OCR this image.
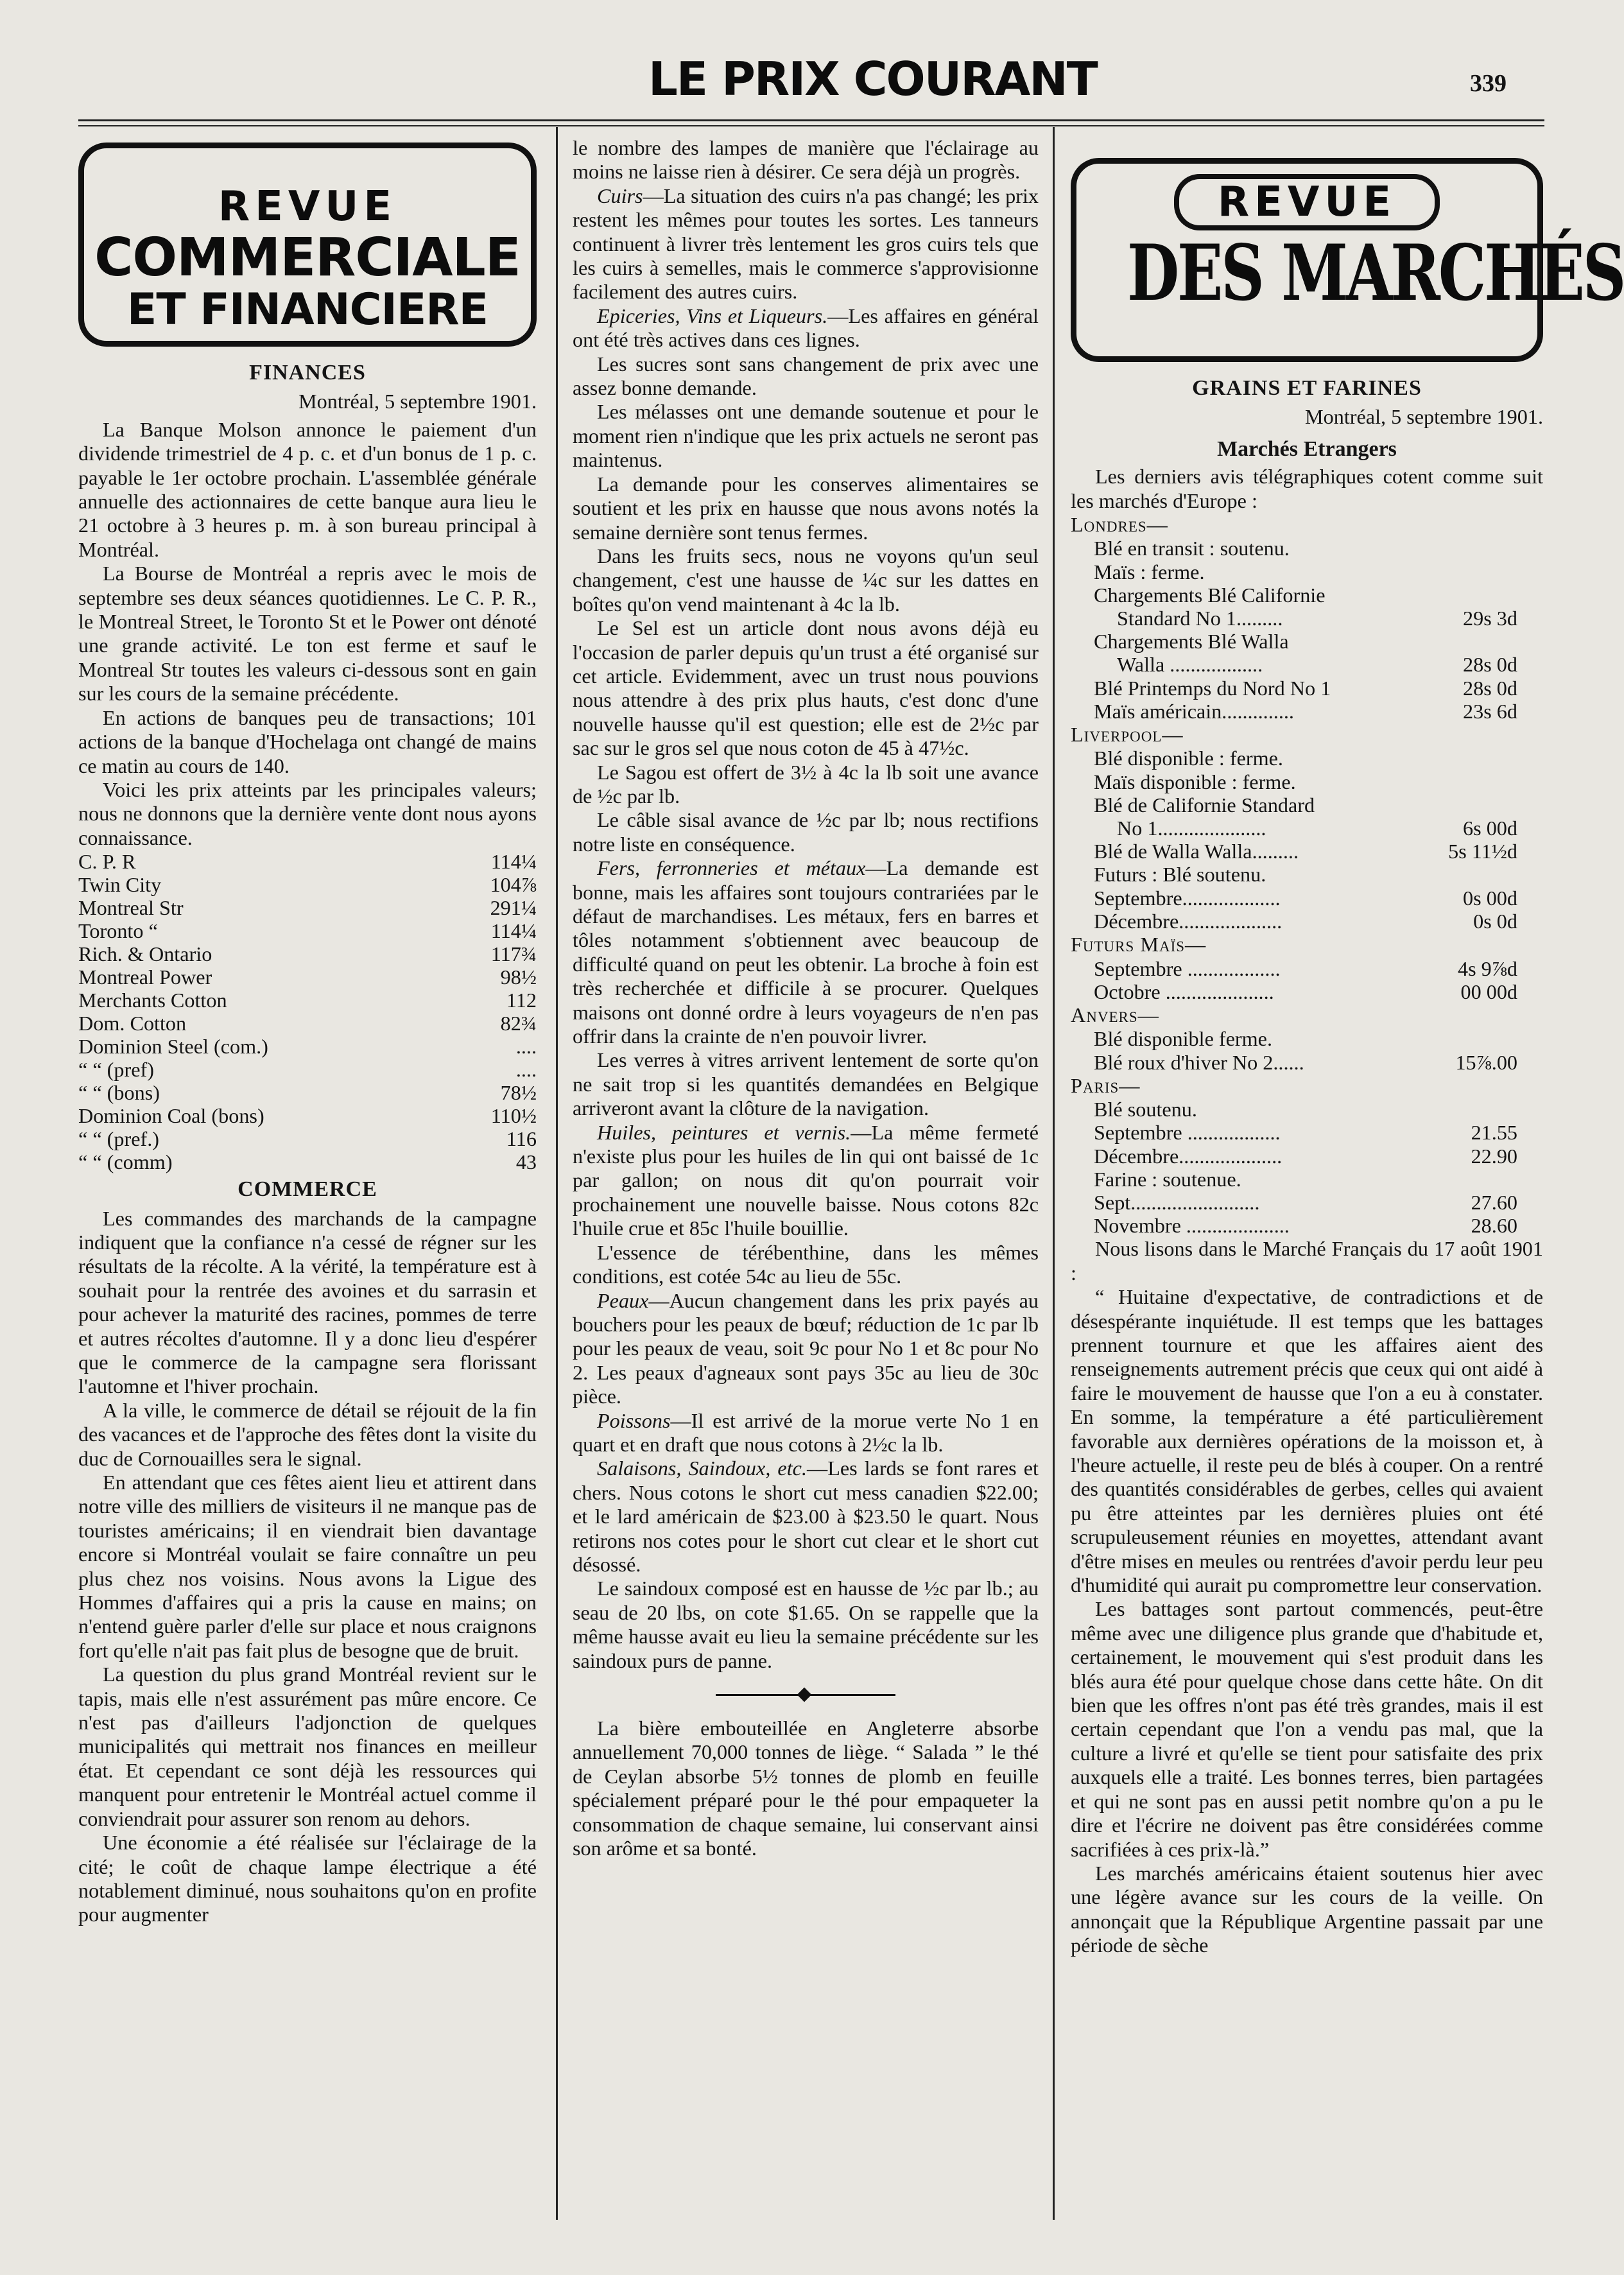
LE PRIX COURANT	339
REVUE
COMMERCIALE
ET FINANCIERE
FINANCES

Montréal, 5 septembre 1901.

La Banque Molson annonce le paiement d'un dividende trimestriel de 4 p. c. et d'un bonus de 1 p. c. payable le 1er octobre prochain. L'assemblée générale annuelle des actionnaires de cette banque aura lieu le 21 octobre à 3 heures p. m. à son bureau principal à Montréal.

La Bourse de Montréal a repris avec le mois de septembre ses deux séances quotidiennes. Le C. P. R., le Montreal Street, le Toronto St et le Power ont dénoté une grande activité. Le ton est ferme et sauf le Montreal Str toutes les valeurs ci-dessous sont en gain sur les cours de la semaine précédente.

En actions de banques peu de transactions; 101 actions de la banque d'Hochelaga ont changé de mains ce matin au cours de 140.

Voici les prix atteints par les principales valeurs; nous ne donnons que la dernière vente dont nous ayons connaissance.

C. P. R	114¼
Twin City	104⅞
Montreal Str	291¼
Toronto “	114¼
Rich. & Ontario	117¾
Montreal Power	98½
Merchants Cotton	112
Dom. Cotton	82¾
Dominion Steel (com.)	....
“ “ (pref)	....
“ “ (bons)	78½
Dominion Coal (bons)	110½
“ “ (pref.)	116
“ “ (comm)	43
COMMERCE

Les commandes des marchands de la campagne indiquent que la confiance n'a cessé de régner sur les résultats de la récolte. A la vérité, la température est à souhait pour la rentrée des avoines et du sarrasin et pour achever la maturité des racines, pommes de terre et autres récoltes d'automne. Il y a donc lieu d'espérer que le commerce de la campagne sera florissant l'automne et l'hiver prochain.

A la ville, le commerce de détail se réjouit de la fin des vacances et de l'approche des fêtes dont la visite du duc de Cornouailles sera le signal.

En attendant que ces fêtes aient lieu et attirent dans notre ville des milliers de visiteurs il ne manque pas de touristes américains; il en viendrait bien davantage encore si Montréal voulait se faire connaître un peu plus chez nos voisins. Nous avons la Ligue des Hommes d'affaires qui a pris la cause en mains; on n'entend guère parler d'elle sur place et nous craignons fort qu'elle n'ait pas fait plus de besogne que de bruit.

La question du plus grand Montréal revient sur le tapis, mais elle n'est assurément pas mûre encore. Ce n'est pas d'ailleurs l'adjonction de quelques municipalités qui mettrait nos finances en meilleur état. Et cependant ce sont déjà les ressources qui manquent pour entretenir le Montréal actuel comme il conviendrait pour assurer son renom au dehors.

Une économie a été réalisée sur l'éclairage de la cité; le coût de chaque lampe électrique a été notablement diminué, nous souhaitons qu'on en profite pour augmenter

le nombre des lampes de manière que l'éclairage au moins ne laisse rien à désirer. Ce sera déjà un progrès.

Cuirs—La situation des cuirs n'a pas changé; les prix restent les mêmes pour toutes les sortes. Les tanneurs continuent à livrer très lentement les gros cuirs tels que les cuirs à semelles, mais le commerce s'approvisionne facilement des autres cuirs.

Epiceries, Vins et Liqueurs.—Les affaires en général ont été très actives dans ces lignes.

Les sucres sont sans changement de prix avec une assez bonne demande.

Les mélasses ont une demande soutenue et pour le moment rien n'indique que les prix actuels ne seront pas maintenus.

La demande pour les conserves alimentaires se soutient et les prix en hausse que nous avons notés la semaine dernière sont tenus fermes.

Dans les fruits secs, nous ne voyons qu'un seul changement, c'est une hausse de ¼c sur les dattes en boîtes qu'on vend maintenant à 4c la lb.

Le Sel est un article dont nous avons déjà eu l'occasion de parler depuis qu'un trust a été organisé sur cet article. Evidemment, avec un trust nous pouvions nous attendre à des prix plus hauts, c'est donc d'une nouvelle hausse qu'il est question; elle est de 2½c par sac sur le gros sel que nous coton de 45 à 47½c.

Le Sagou est offert de 3½ à 4c la lb soit une avance de ½c par lb.

Le câble sisal avance de ½c par lb; nous rectifions notre liste en conséquence.

Fers, ferronneries et métaux—La demande est bonne, mais les affaires sont toujours contrariées par le défaut de marchandises. Les métaux, fers en barres et tôles notamment s'obtiennent avec beaucoup de difficulté quand on peut les obtenir. La broche à foin est très recherchée et difficile à se procurer. Quelques maisons ont donné ordre à leurs voyageurs de n'en pas offrir dans la crainte de n'en pouvoir livrer.

Les verres à vitres arrivent lentement de sorte qu'on ne sait trop si les quantités demandées en Belgique arriveront avant la clôture de la navigation.

Huiles, peintures et vernis.—La même fermeté n'existe plus pour les huiles de lin qui ont baissé de 1c par gallon; on nous dit qu'on pourrait voir prochainement une nouvelle baisse. Nous cotons 82c l'huile crue et 85c l'huile bouillie.

L'essence de térébenthine, dans les mêmes conditions, est cotée 54c au lieu de 55c.

Peaux—Aucun changement dans les prix payés au bouchers pour les peaux de bœuf; réduction de 1c par lb pour les peaux de veau, soit 9c pour No 1 et 8c pour No 2. Les peaux d'agneaux sont pays 35c au lieu de 30c pièce.

Poissons—Il est arrivé de la morue verte No 1 en quart et en draft que nous cotons à 2½c la lb.

Salaisons, Saindoux, etc.—Les lards se font rares et chers. Nous cotons le short cut mess canadien $22.00; et le lard américain de $23.00 à $23.50 le quart. Nous retirons nos cotes pour le short cut clear et le short cut désossé.

Le saindoux composé est en hausse de ½c par lb.; au seau de 20 lbs, on cote $1.65. On se rappelle que la même hausse avait eu lieu la semaine précédente sur les saindoux purs de panne.

La bière embouteillée en Angleterre absorbe annuellement 70,000 tonnes de liège. “ Salada ” le thé de Ceylan absorbe 5½ tonnes de plomb en feuille spécialement préparé pour le thé pour empaqueter la consommation de chaque semaine, lui conservant ainsi son arôme et sa bonté.

REVUE
DES MARCHÉS
GRAINS ET FARINES

Montréal, 5 septembre 1901.

Marchés Etrangers

Les derniers avis télégraphiques cotent comme suit les marchés d'Europe :

Londres—

Blé en transit : soutenu.	
Maïs : ferme.	
Chargements Blé Californie	
Standard No 1.........	29s 3d
Chargements Blé Walla	
Walla ..................	28s 0d
Blé Printemps du Nord No 1	28s 0d
Maïs américain..............	23s 6d

Liverpool—

Blé disponible : ferme.	
Maïs disponible : ferme.	
Blé de Californie Standard	
No 1.....................	6s 00d
Blé de Walla Walla.........	5s 11½d
Futurs : Blé soutenu.	
Septembre...................	0s 00d
Décembre....................	0s 0d

Futurs Maïs—

Septembre ..................	4s 9⅞d
Octobre .....................	00 00d

Anvers—

Blé disponible ferme.	
Blé roux d'hiver No 2......	15⅞.00

Paris—

Blé soutenu.	
Septembre ..................	21.55
Décembre....................	22.90
Farine : soutenue.	
Sept.........................	27.60
Novembre ....................	28.60

Nous lisons dans le Marché Français du 17 août 1901 :

“ Huitaine d'expectative, de contradictions et de désespérante inquiétude. Il est temps que les battages prennent tournure et que les affaires aient des renseignements autrement précis que ceux qui ont aidé à faire le mouvement de hausse que l'on a eu à constater. En somme, la température a été particulièrement favorable aux dernières opérations de la moisson et, à l'heure actuelle, il reste peu de blés à couper. On a rentré des quantités considérables de gerbes, celles qui avaient pu être atteintes par les dernières pluies ont été scrupuleusement réunies en moyettes, attendant avant d'être mises en meules ou rentrées d'avoir perdu leur peu d'humidité qui aurait pu compromettre leur conservation.

Les battages sont partout commencés, peut-être même avec une diligence plus grande que d'habitude et, certainement, le mouvement qui s'est produit dans les blés aura été pour quelque chose dans cette hâte. On dit bien que les offres n'ont pas été très grandes, mais il est certain cependant que l'on a vendu pas mal, que la culture a livré et qu'elle se tient pour satisfaite des prix auxquels elle a traité. Les bonnes terres, bien partagées et qui ne sont pas en aussi petit nombre qu'on a pu le dire et l'écrire ne doivent pas être considérées comme sacrifiées à ces prix-là.”

Les marchés américains étaient soutenus hier avec une légère avance sur les cours de la veille. On annonçait que la République Argentine passait par une période de sèche
